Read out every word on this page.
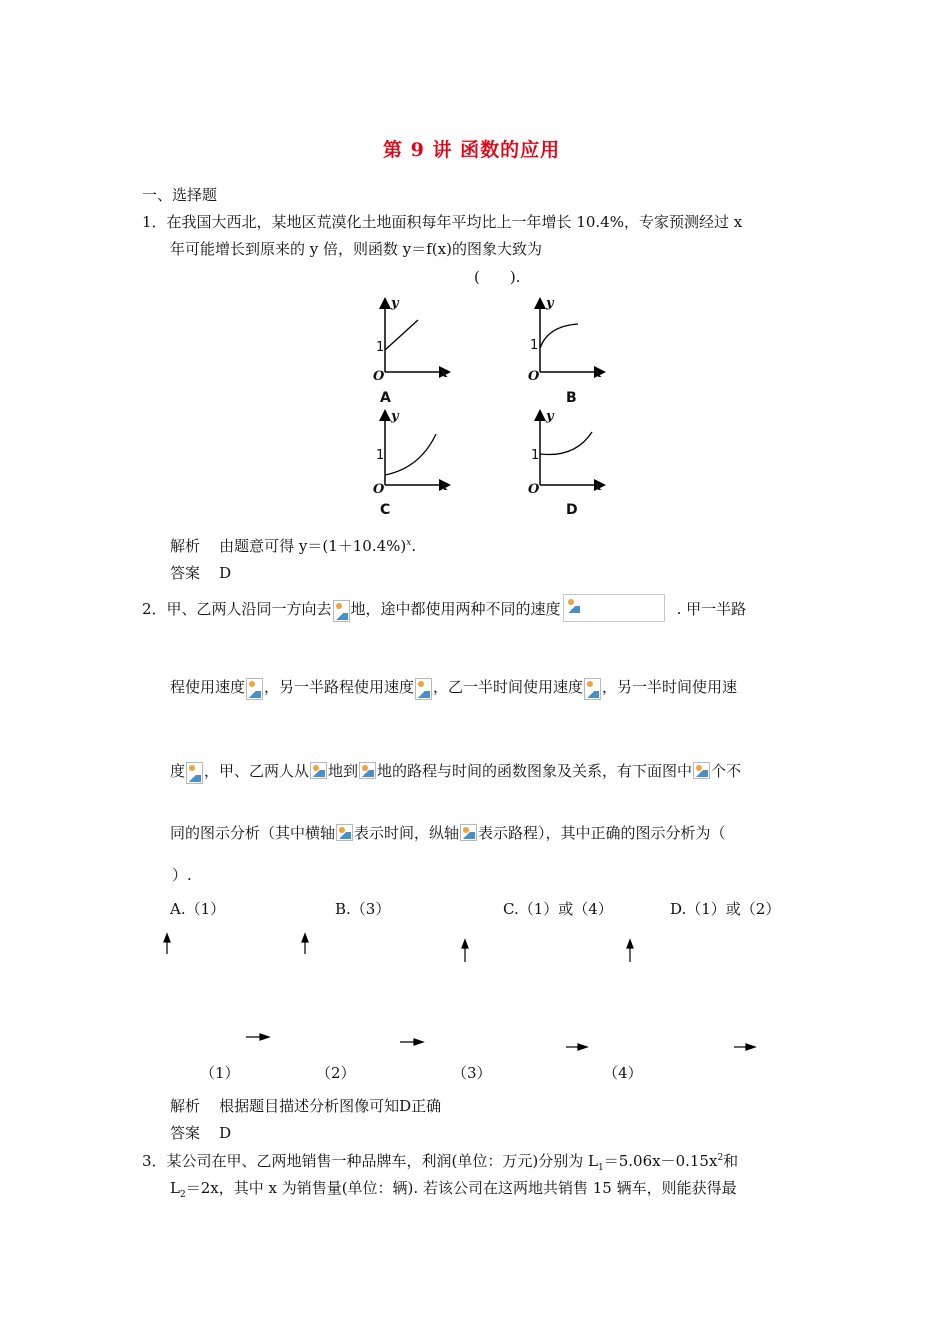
第 9 讲 函数的应用
一、选择题
1．在我国大西北，某地区荒漠化土地面积每年平均比上一年增长 10.4%，专家预测经过 x
年可能增长到原来的 y 倍，则函数 y＝f(x)的图象大致为
(　　).
y
x
O
1
A
y
x
O
1
B
y
x
O
1
C
y
x
O
1
D
解析 由题意可得 $y=(1+10.4\%)^x$.
答案 D
2．甲、乙两人沿同一方向去 地，途中都使用两种不同的速度	. 甲一半路
程使用速度 ，另一半路程使用速度 ，乙一半时间使用速度 ，另一半时间使用速
度 ，甲、乙两人从 地到 地的路程与时间的函数图象及关系，有下面图中 个不
同的图示分析（其中横轴 表示时间，纵轴 表示路程），其中正确的图示分析为（
）.
A.（1）	B.（3）	C.（1）或（4）	D.（1）或（2）
（1）	（2）	（3）	（4）
解析 根据题目描述分析图像可知D正确
答案 D
3．某公司在甲、乙两地销售一种品牌车，利润(单位：万元)分别为 $L_1=5.06x-0.15x^2$和
$L_2=2x$，其中 x 为销售量(单位：辆). 若该公司在这两地共销售 15 辆车，则能获得最
